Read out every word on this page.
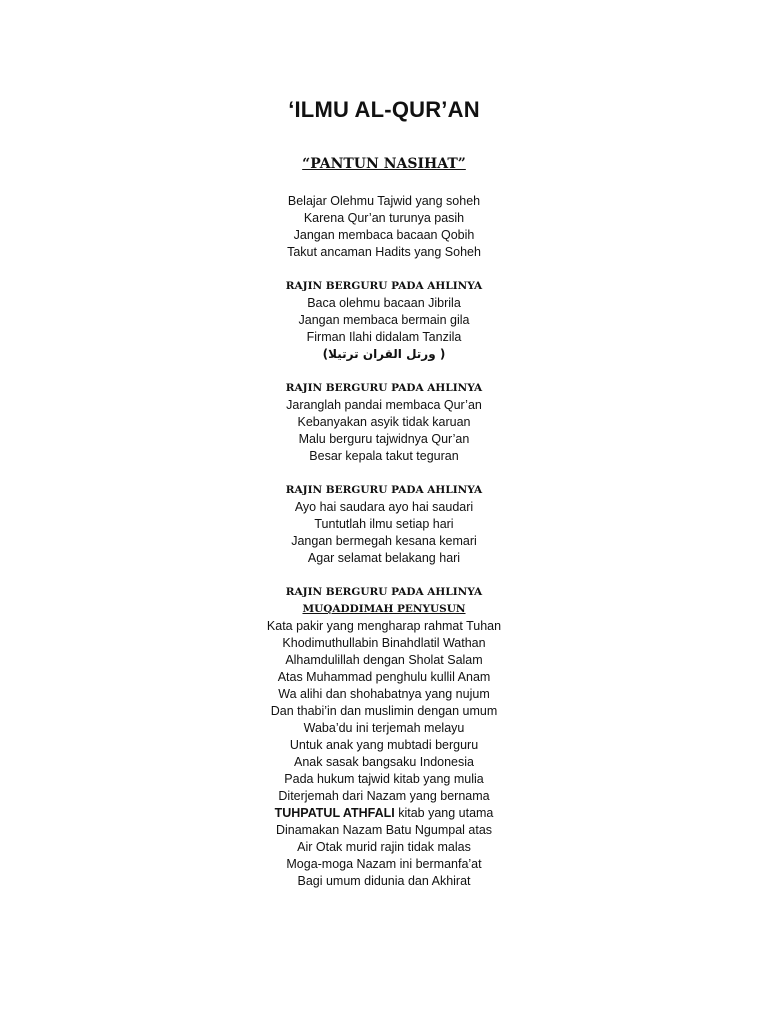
‘ILMU AL-QUR’AN
“PANTUN NASIHAT”
Belajar Olehmu Tajwid yang soheh
Karena Qur’an turunya pasih
Jangan membaca bacaan Qobih
Takut ancaman Hadits yang Soheh
RAJIN BERGURU PADA AHLINYA
Baca olehmu bacaan Jibrila
Jangan membaca bermain gila
Firman Ilahi didalam Tanzila
( ورتل القران ترتيلا)
RAJIN BERGURU PADA AHLINYA
Jaranglah pandai membaca Qur’an
Kebanyakan asyik tidak karuan
Malu berguru tajwidnya Qur’an
Besar kepala takut teguran
RAJIN BERGURU PADA AHLINYA
Ayo hai saudara ayo hai saudari
Tuntutlah ilmu setiap hari
Jangan bermegah kesana kemari
Agar selamat belakang hari
RAJIN BERGURU PADA AHLINYA
MUQADDIMAH PENYUSUN
Kata pakir yang mengharap rahmat Tuhan
Khodimuthullabin Binahdlatil Wathan
Alhamdulillah dengan Sholat Salam
Atas Muhammad penghulu kullil Anam
Wa alihi dan shohabatnya yang nujum
Dan thabi’in dan muslimin dengan umum
Waba’du ini terjemah melayu
Untuk anak yang mubtadi berguru
Anak sasak bangsaku Indonesia
Pada hukum tajwid kitab yang mulia
Diterjemah dari Nazam yang bernama
TUHPATUL ATHFALI kitab yang utama
Dinamakan Nazam Batu Ngumpal atas
Air Otak murid rajin tidak malas
Moga-moga Nazam ini bermanfa’at
Bagi umum didunia dan Akhirat
